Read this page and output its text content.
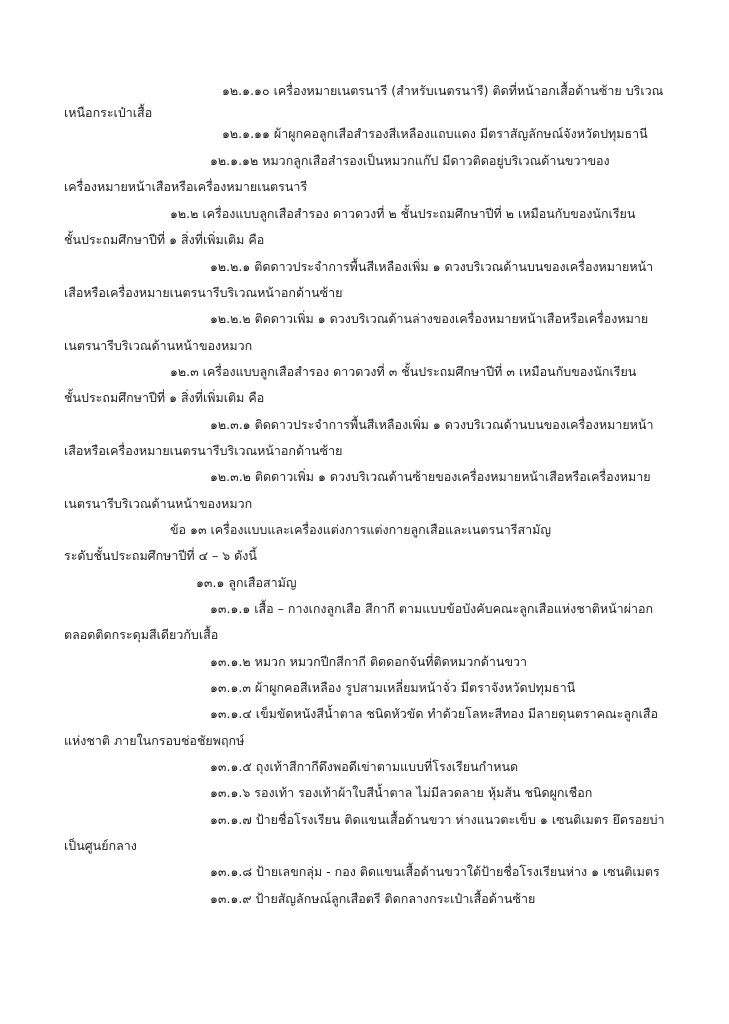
๑๒.๑.๑๐ เครื่องหมายเนตรนารี (สำหรับเนตรนารี) ติดที่หน้าอกเสื้อด้านซ้าย บริเวณ
เหนือกระเป๋าเสื้อ
๑๒.๑.๑๑ ผ้าผูกคอลูกเสือสำรองสีเหลืองแถบแดง มีตราสัญลักษณ์จังหวัดปทุมธานี
๑๒.๑.๑๒ หมวกลูกเสือสำรองเป็นหมวกแก๊ป มีดาวติดอยู่บริเวณด้านขวาของ
เครื่องหมายหน้าเสือหรือเครื่องหมายเนตรนารี
๑๒.๒ เครื่องแบบลูกเสือสำรอง ดาวดวงที่ ๒ ชั้นประถมศึกษาปีที่ ๒ เหมือนกับของนักเรียน
ชั้นประถมศึกษาปีที่ ๑ สิ่งที่เพิ่มเติม คือ
๑๒.๒.๑ ติดดาวประจำการพื้นสีเหลืองเพิ่ม ๑ ดวงบริเวณด้านบนของเครื่องหมายหน้า
เสือหรือเครื่องหมายเนตรนารีบริเวณหน้าอกด้านซ้าย
๑๒.๒.๒ ติดดาวเพิ่ม ๑ ดวงบริเวณด้านล่างของเครื่องหมายหน้าเสือหรือเครื่องหมาย
เนตรนารีบริเวณด้านหน้าของหมวก
๑๒.๓ เครื่องแบบลูกเสือสำรอง ดาวดวงที่ ๓ ชั้นประถมศึกษาปีที่ ๓ เหมือนกับของนักเรียน
ชั้นประถมศึกษาปีที่ ๑ สิ่งที่เพิ่มเติม คือ
๑๒.๓.๑ ติดดาวประจำการพื้นสีเหลืองเพิ่ม ๑ ดวงบริเวณด้านบนของเครื่องหมายหน้า
เสือหรือเครื่องหมายเนตรนารีบริเวณหน้าอกด้านซ้าย
๑๒.๓.๒ ติดดาวเพิ่ม ๑ ดวงบริเวณด้านซ้ายของเครื่องหมายหน้าเสือหรือเครื่องหมาย
เนตรนารีบริเวณด้านหน้าของหมวก
ข้อ ๑๓ เครื่องแบบและเครื่องแต่งการแต่งกายลูกเสือและเนตรนารีสามัญ
ระดับชั้นประถมศึกษาปีที่ ๔ – ๖ ดังนี้
๑๓.๑ ลูกเสือสามัญ
๑๓.๑.๑ เสื้อ – กางเกงลูกเสือ สีกากี ตามแบบข้อบังคับคณะลูกเสือแห่งชาติหน้าผ่าอก
ตลอดติดกระดุมสีเดียวกับเสื้อ
๑๓.๑.๒ หมวก หมวกปีกสีกากี ติดดอกจันที่ติดหมวกด้านขวา
๑๓.๑.๓ ผ้าผูกคอสีเหลือง รูปสามเหลี่ยมหน้าจั่ว มีตราจังหวัดปทุมธานี
๑๓.๑.๔ เข็มขัดหนังสีน้ำตาล ชนิดหัวขัด ทำด้วยโลหะสีทอง มีลายดุนตราคณะลูกเสือ
แห่งชาติ ภายในกรอบช่อชัยพฤกษ์
๑๓.๑.๕ ถุงเท้าสีกากีดึงพอดีเข่าตามแบบที่โรงเรียนกำหนด
๑๓.๑.๖ รองเท้า รองเท้าผ้าใบสีน้ำตาล ไม่มีลวดลาย หุ้มส้น ชนิดผูกเชือก
๑๓.๑.๗ ป้ายชื่อโรงเรียน ติดแขนเสื้อด้านขวา ห่างแนวตะเข็บ ๑ เซนติเมตร ยึดรอยบ่า
เป็นศูนย์กลาง
๑๓.๑.๘ ป้ายเลขกลุ่ม - กอง ติดแขนเสื้อด้านขวาใต้ป้ายชื่อโรงเรียนห่าง ๑ เซนติเมตร
๑๓.๑.๙ ป้ายสัญลักษณ์ลูกเสือตรี ติดกลางกระเป๋าเสื้อด้านซ้าย
